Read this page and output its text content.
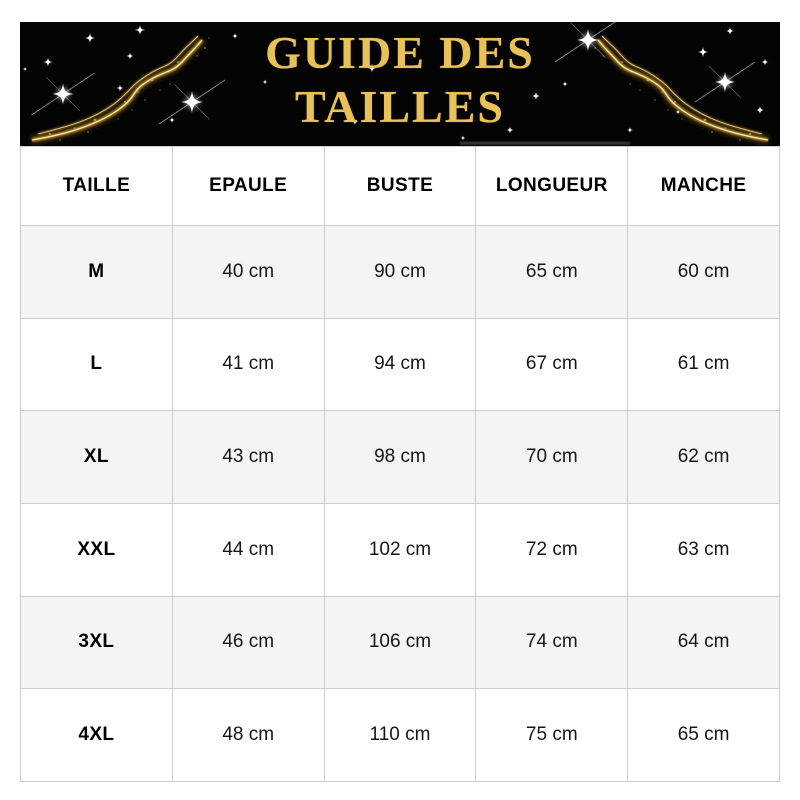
GUIDE DES
TAILLES
TAILLE	EPAULE	BUSTE	LONGUEUR	MANCHE
M	40 cm	90 cm	65 cm	60 cm
L	41 cm	94 cm	67 cm	61 cm
XL	43 cm	98 cm	70 cm	62 cm
XXL	44 cm	102 cm	72 cm	63 cm
3XL	46 cm	106 cm	74 cm	64 cm
4XL	48 cm	110 cm	75 cm	65 cm
